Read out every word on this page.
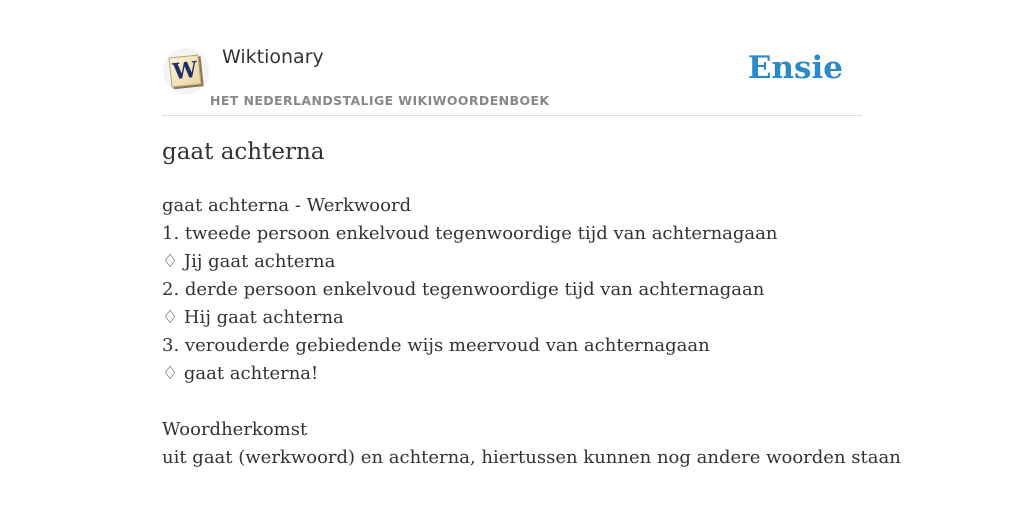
W Wiktionary
HET NEDERLANDSTALIGE WIKIWOORDENBOEK
Ensie
gaat achterna
gaat achterna - Werkwoord
1. tweede persoon enkelvoud tegenwoordige tijd van achternagaan
♢ Jij gaat achterna
2. derde persoon enkelvoud tegenwoordige tijd van achternagaan
♢ Hij gaat achterna
3. verouderde gebiedende wijs meervoud van achternagaan
♢ gaat achterna!
Woordherkomst
uit gaat (werkwoord) en achterna, hiertussen kunnen nog andere woorden staan
